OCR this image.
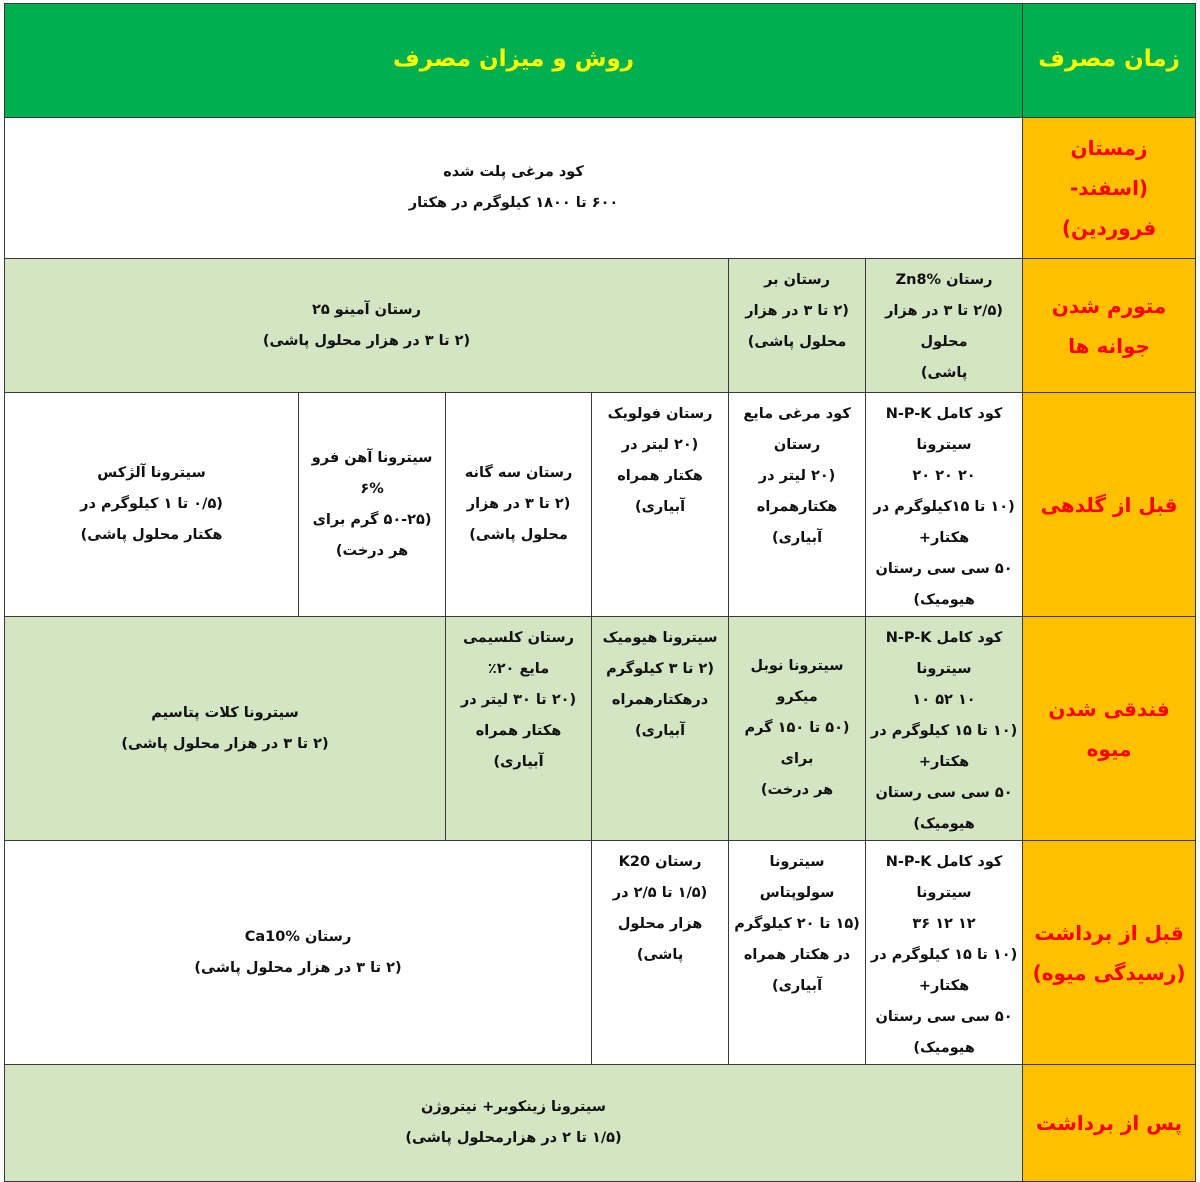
زمان مصرف	روش و میزان مصرف					

زمستان
(اسفند- فروردین)	کود مرغی پلت شده
۶۰۰ تا ۱۸۰۰ کیلوگرم در هکتار					

متورم شدن
جوانه ها	رستان Zn8%
(۲/۵ تا ۳ در هزار محلول
پاشی)	رستان بر
(۲ تا ۳ در هزار
محلول پاشی)	رستان آمینو ۲۵
(۲ تا ۳ در هزار محلول پاشی)			

قبل از گلدهی	کود کامل N-P-K سیترونا
۲۰ ۲۰ ۲۰
(۱۰ تا ۱۵کیلوگرم در هکتار+
۵۰ سی سی رستان هیومیک)	کود مرغی مایع
رستان
(۲۰ لیتر در
هکتارهمراه آبیاری)	رستان فولویک
(۲۰ لیتر در
هکتار همراه
آبیاری)	رستان سه گانه
(۲ تا ۳ در هزار
محلول پاشی)	سیترونا آهن فرو
۶%
(۵۰-۲۵ گرم برای
هر درخت)	سیترونا آلژکس
(۰/۵ تا ۱ کیلوگرم در
هکتار محلول پاشی)

فندقی شدن
میوه	کود کامل N-P-K سیترونا
۱۰ ۵۲ ۱۰
(۱۰ تا ۱۵ کیلوگرم در هکتار+
۵۰ سی سی رستان هیومیک)	سیترونا نوبل میکرو
(۵۰ تا ۱۵۰ گرم برای
هر درخت)	سیترونا هیومیک
(۲ تا ۳ کیلوگرم
درهکتارهمراه
آبیاری)	رستان کلسیمی
مایع ۲۰٪
(۲۰ تا ۳۰ لیتر در
هکتار همراه آبیاری)	سیترونا کلات پتاسیم
(۲ تا ۳ در هزار محلول پاشی)	

قبل از برداشت
(رسیدگی میوه)	کود کامل N-P-K سیترونا
۱۲ ۱۲ ۳۶
(۱۰ تا ۱۵ کیلوگرم در هکتار+
۵۰ سی سی رستان هیومیک)	سیترونا سولوپتاس
(۱۵ تا ۲۰ کیلوگرم
در هکتار همراه
آبیاری)	رستان K20
(۱/۵ تا ۲/۵ در
هزار محلول
پاشی)	رستان Ca10%
(۲ تا ۳ در هزار محلول پاشی)		

پس از برداشت	سیترونا زینکوبر+ نیتروژن
(۱/۵ تا ۲ در هزارمحلول پاشی)					
